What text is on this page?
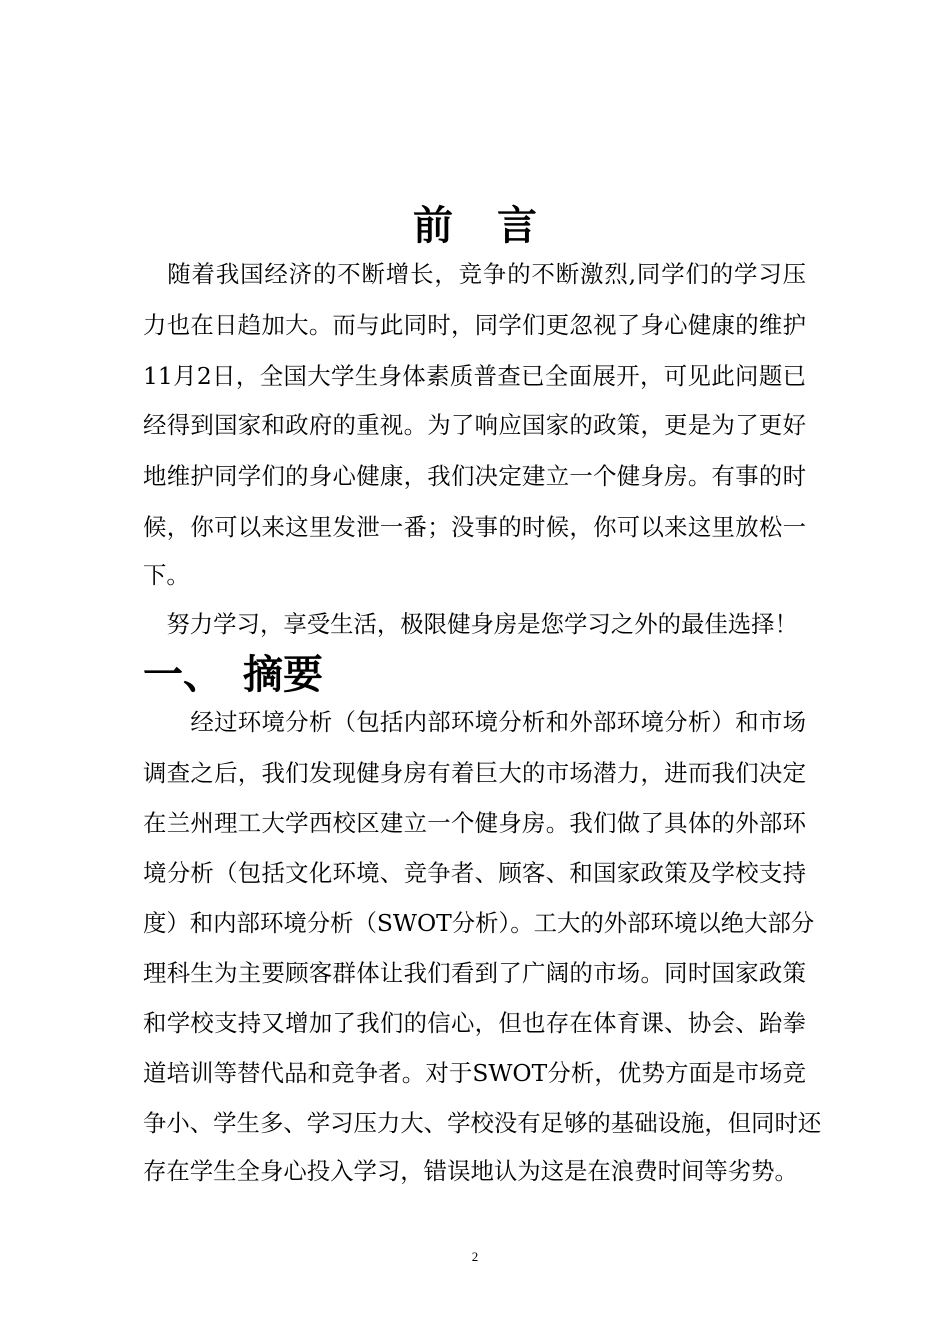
前 言
　随着我国经济的不断增长，竞争的不断激烈,同学们的学习压
力也在日趋加大。而与此同时，同学们更忽视了身心健康的维护
11月2日，全国大学生身体素质普查已全面展开，可见此问题已
经得到国家和政府的重视。为了响应国家的政策，更是为了更好
地维护同学们的身心健康，我们决定建立一个健身房。有事的时
候，你可以来这里发泄一番；没事的时候，你可以来这里放松一
下。
　努力学习，享受生活，极限健身房是您学习之外的最佳选择！
一、 摘要
　　经过环境分析（包括内部环境分析和外部环境分析）和市场
调查之后，我们发现健身房有着巨大的市场潜力，进而我们决定
在兰州理工大学西校区建立一个健身房。我们做了具体的外部环
境分析（包括文化环境、竞争者、顾客、和国家政策及学校支持
度）和内部环境分析（SWOT分析）。工大的外部环境以绝大部分
理科生为主要顾客群体让我们看到了广阔的市场。同时国家政策
和学校支持又增加了我们的信心，但也存在体育课、协会、跆拳
道培训等替代品和竞争者。对于SWOT分析，优势方面是市场竞
争小、学生多、学习压力大、学校没有足够的基础设施，但同时还
存在学生全身心投入学习，错误地认为这是在浪费时间等劣势。
2
